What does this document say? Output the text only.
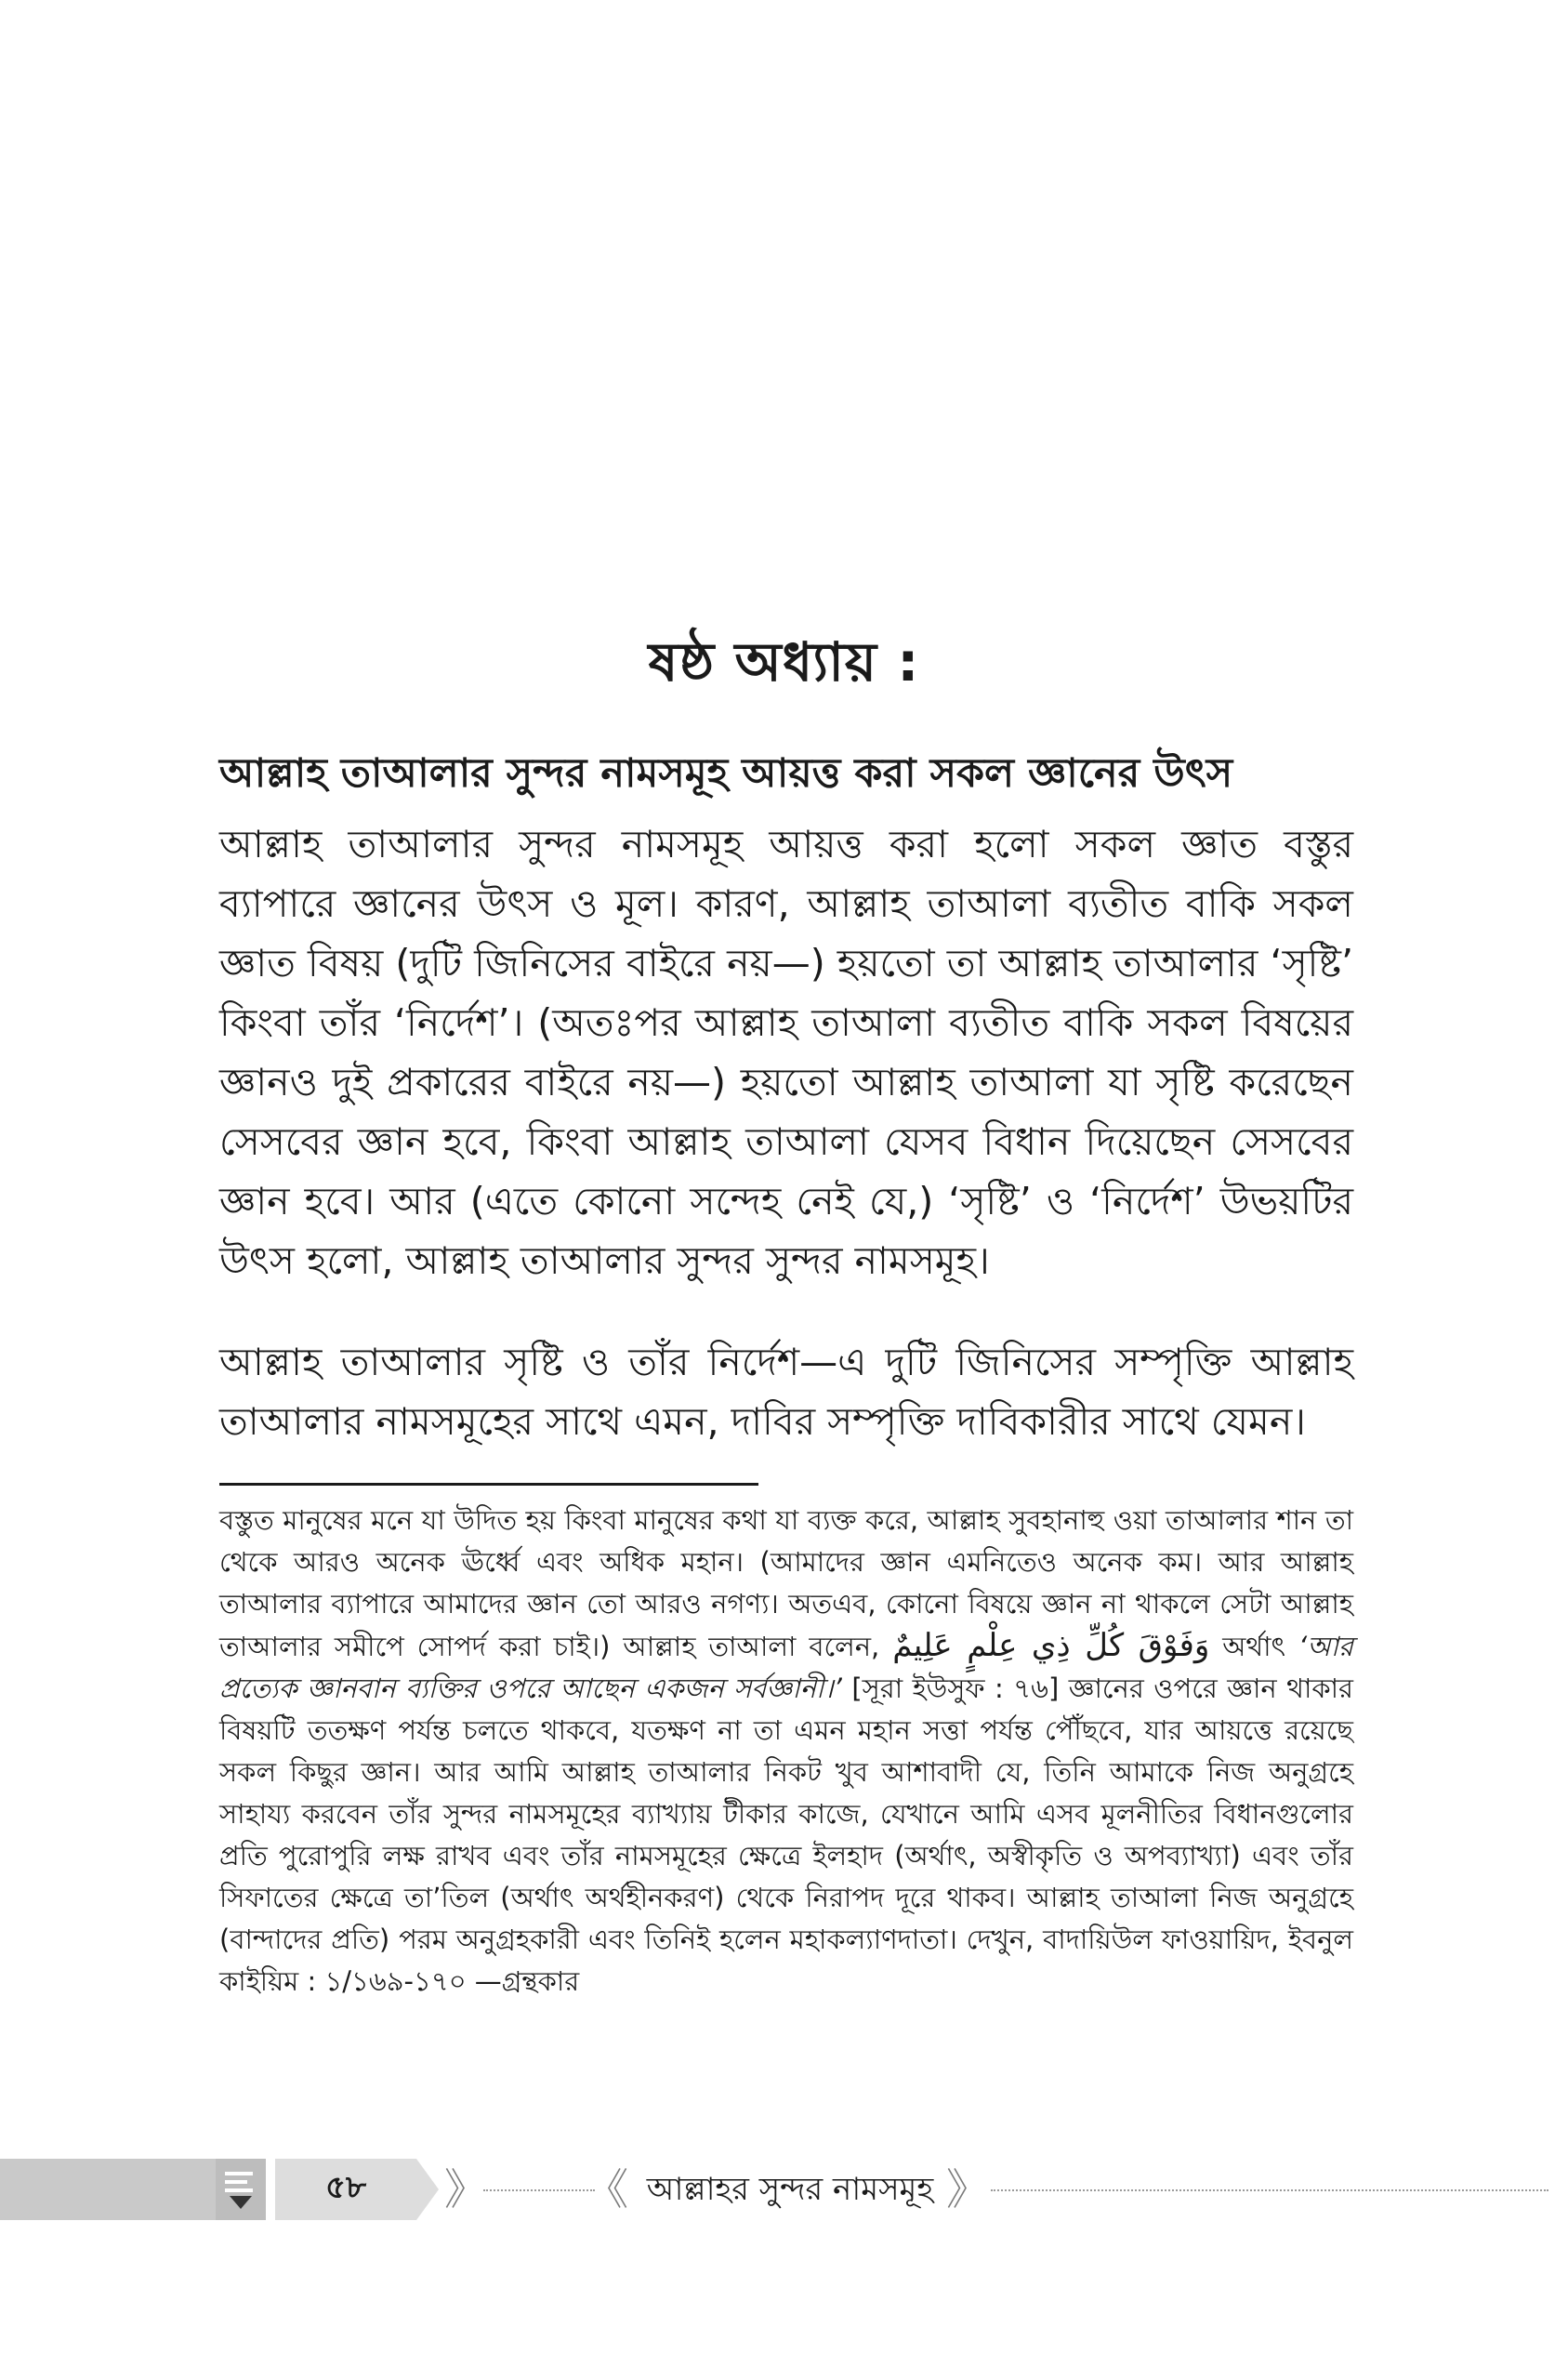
ষষ্ঠ অধ্যায় :
আল্লাহ তাআলার সুন্দর নামসমূহ আয়ত্ত করা সকল জ্ঞানের উৎস
আল্লাহ তাআলার সুন্দর নামসমূহ আয়ত্ত করা হলো সকল জ্ঞাত বস্তুর ব্যাপারে জ্ঞানের উৎস ও মূল। কারণ, আল্লাহ তাআলা ব্যতীত বাকি সকল জ্ঞাত বিষয় (দুটি জিনিসের বাইরে নয়—) হয়তো তা আল্লাহ তাআলার ‘সৃষ্টি’ কিংবা তাঁর ‘নির্দেশ’। (অতঃপর আল্লাহ তাআলা ব্যতীত বাকি সকল বিষয়ের জ্ঞানও দুই প্রকারের বাইরে নয়—) হয়তো আল্লাহ তাআলা যা সৃষ্টি করেছেন সেসবের জ্ঞান হবে, কিংবা আল্লাহ তাআলা যেসব বিধান দিয়েছেন সেসবের জ্ঞান হবে। আর (এতে কোনো সন্দেহ নেই যে,) ‘সৃষ্টি’ ও ‘নির্দেশ’ উভয়টির উৎস হলো, আল্লাহ তাআলার সুন্দর সুন্দর নামসমূহ।
আল্লাহ তাআলার সৃষ্টি ও তাঁর নির্দেশ—এ দুটি জিনিসের সম্পৃক্তি আল্লাহ তাআলার নামসমূহের সাথে এমন, দাবির সম্পৃক্তি দাবিকারীর সাথে যেমন।
বস্তুত মানুষের মনে যা উদিত হয় কিংবা মানুষের কথা যা ব্যক্ত করে, আল্লাহ সুবহানাহু ওয়া তাআলার শান তা থেকে আরও অনেক ঊর্ধ্বে এবং অধিক মহান। (আমাদের জ্ঞান এমনিতেও অনেক কম। আর আল্লাহ তাআলার ব্যাপারে আমাদের জ্ঞান তো আরও নগণ্য। অতএব, কোনো বিষয়ে জ্ঞান না থাকলে সেটা আল্লাহ তাআলার সমীপে সোপর্দ করা চাই।) আল্লাহ তাআলা বলেন, وَفَوْقَ كُلِّ ذِي عِلْمٍ عَلِيمٌ অর্থাৎ ‘আর প্রত্যেক জ্ঞানবান ব্যক্তির ওপরে আছেন একজন সর্বজ্ঞানী।’ [সূরা ইউসুফ : ৭৬] জ্ঞানের ওপরে জ্ঞান থাকার বিষয়টি ততক্ষণ পর্যন্ত চলতে থাকবে, যতক্ষণ না তা এমন মহান সত্তা পর্যন্ত পৌঁছবে, যার আয়ত্তে রয়েছে সকল কিছুর জ্ঞান। আর আমি আল্লাহ তাআলার নিকট খুব আশাবাদী যে, তিনি আমাকে নিজ অনুগ্রহে সাহায্য করবেন তাঁর সুন্দর নামসমূহের ব্যাখ্যায় টীকার কাজে, যেখানে আমি এসব মূলনীতির বিধানগুলোর প্রতি পুরোপুরি লক্ষ রাখব এবং তাঁর নামসমূহের ক্ষেত্রে ইলহাদ (অর্থাৎ, অস্বীকৃতি ও অপব্যাখ্যা) এবং তাঁর সিফাতের ক্ষেত্রে তা’তিল (অর্থাৎ অর্থহীনকরণ) থেকে নিরাপদ দূরে থাকব। আল্লাহ তাআলা নিজ অনুগ্রহে (বান্দাদের প্রতি) পরম অনুগ্রহকারী এবং তিনিই হলেন মহাকল্যাণদাতা। দেখুন, বাদায়িউল ফাওয়ায়িদ, ইবনুল কাইয়িম : ১/১৬৯-১৭০ —গ্রন্থকার
৫৮	》 《 আল্লাহর সুন্দর নামসমূহ 》
